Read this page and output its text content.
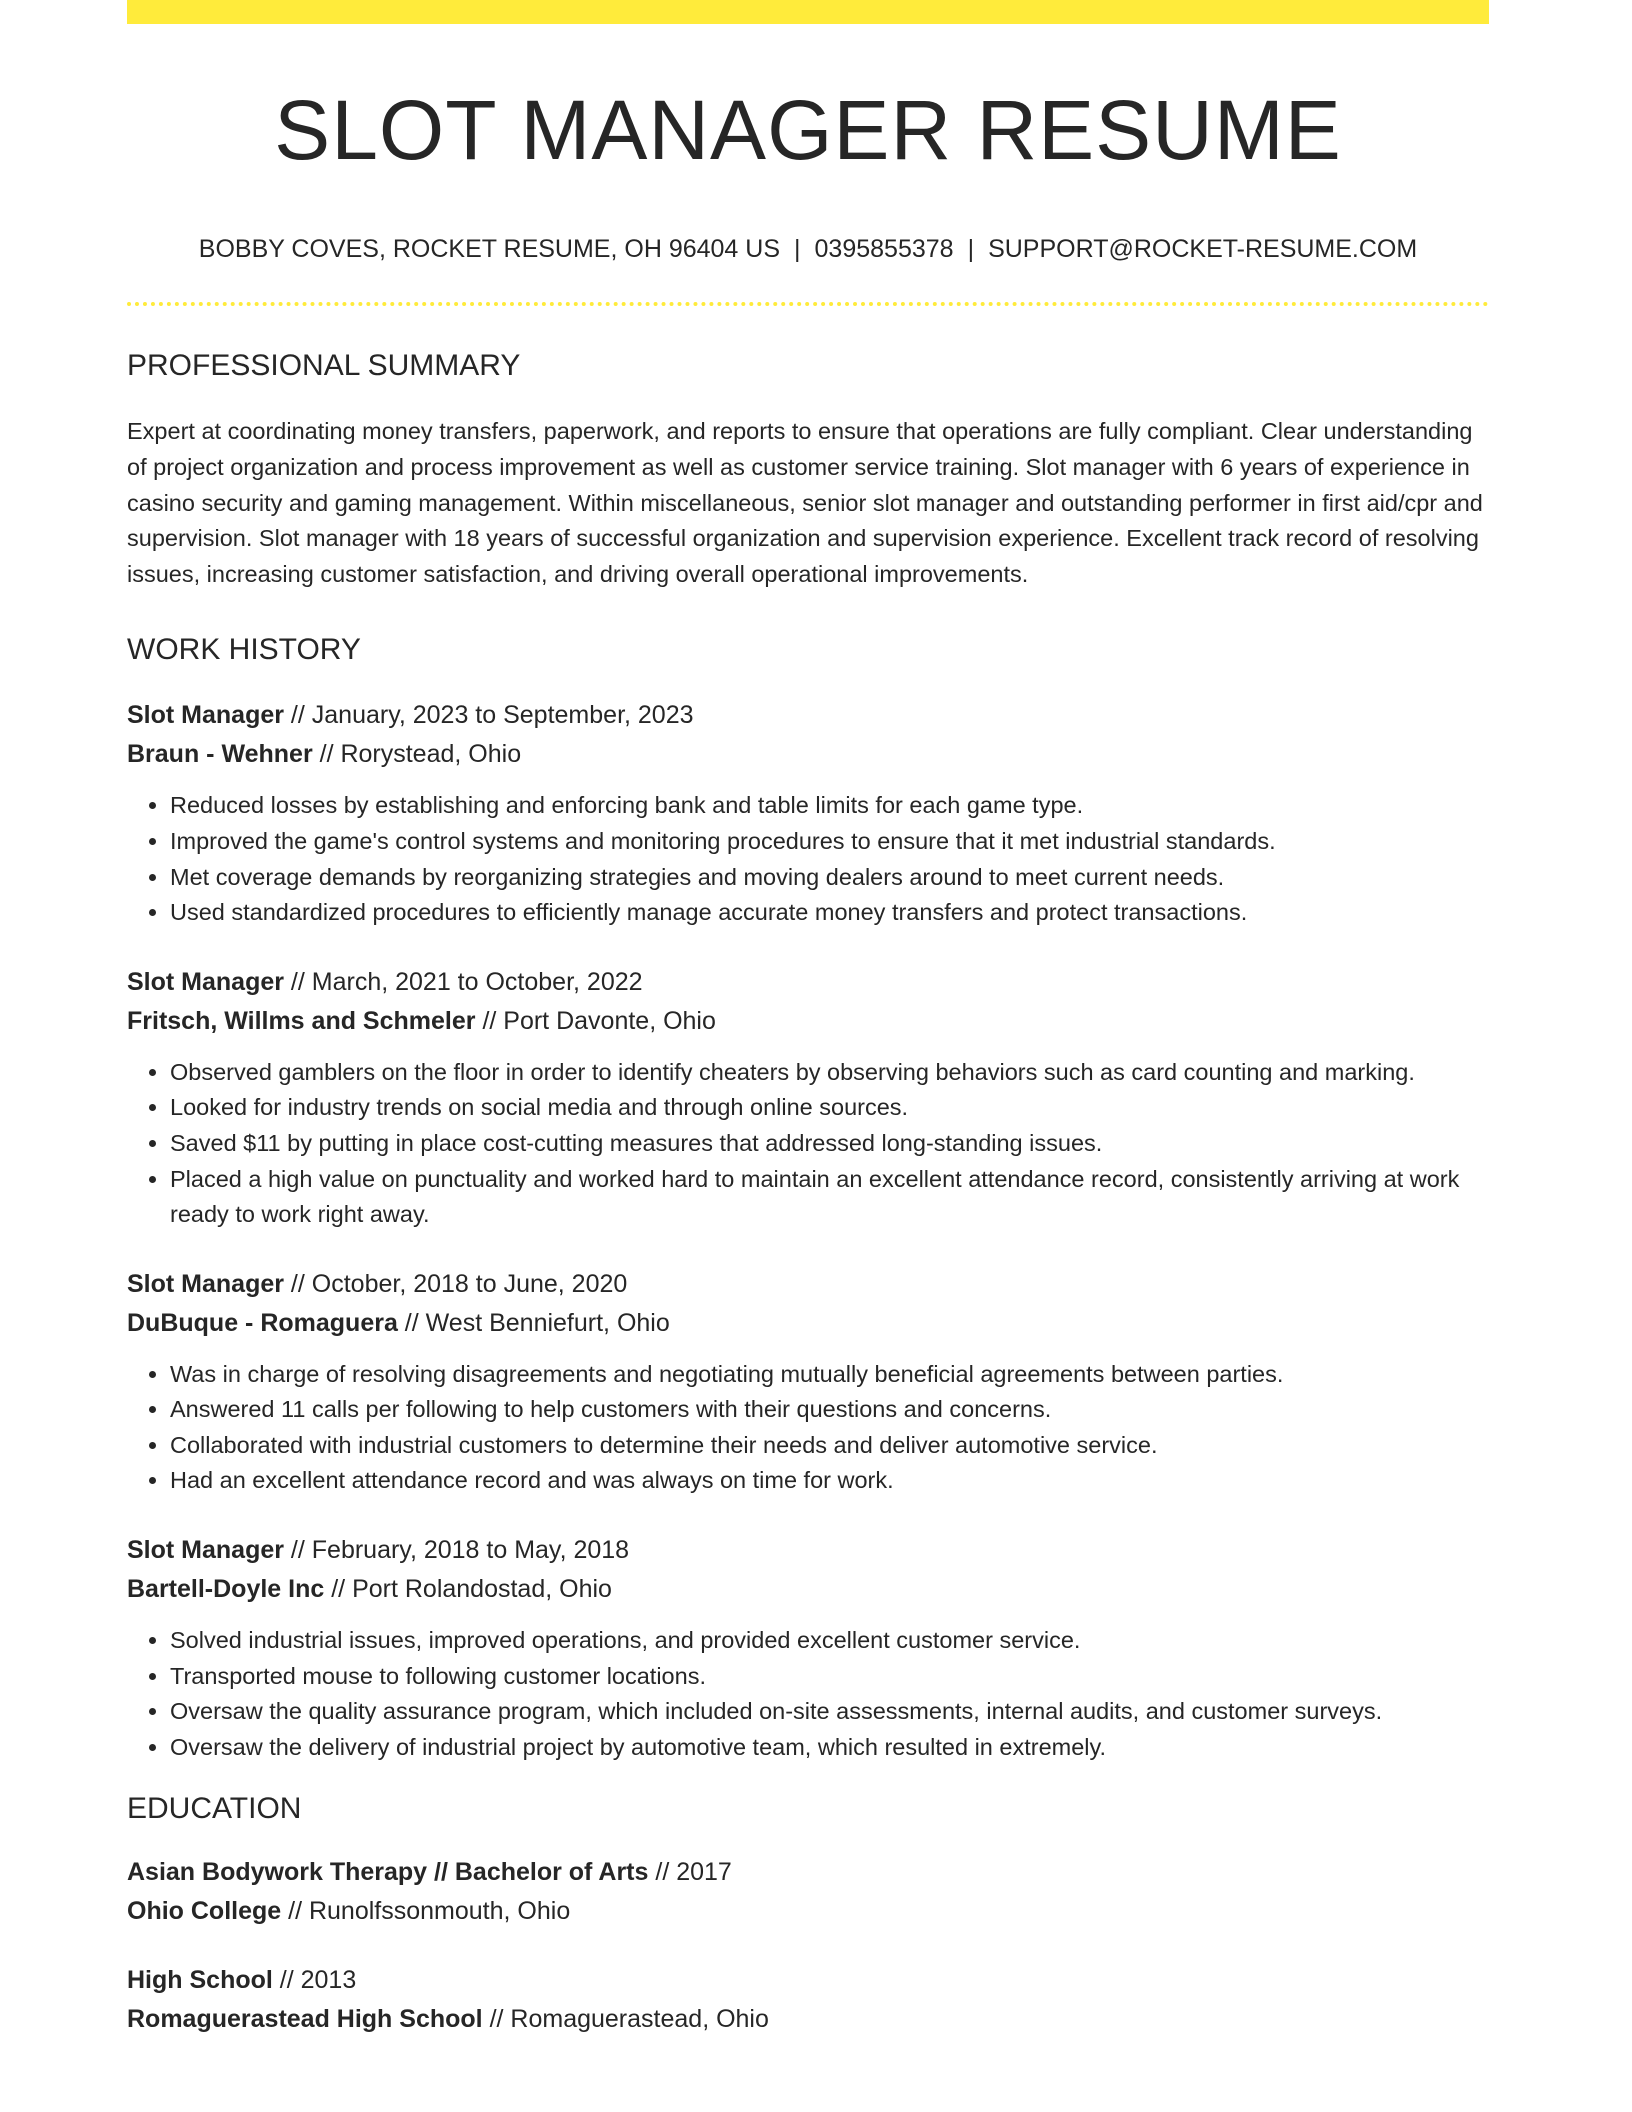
SLOT MANAGER RESUME
BOBBY COVES, ROCKET RESUME, OH 96404 US | 0395855378 | SUPPORT@ROCKET-RESUME.COM
PROFESSIONAL SUMMARY

Expert at coordinating money transfers, paperwork, and reports to ensure that operations are fully compliant. Clear understanding of project organization and process improvement as well as customer service training. Slot manager with 6 years of experience in casino security and gaming management. Within miscellaneous, senior slot manager and outstanding performer in first aid/cpr and supervision. Slot manager with 18 years of successful organization and supervision experience. Excellent track record of resolving issues, increasing customer satisfaction, and driving overall operational improvements.

WORK HISTORY
Slot Manager // January, 2023 to September, 2023
Braun - Wehner // Rorystead, Ohio
• Reduced losses by establishing and enforcing bank and table limits for each game type.
• Improved the game's control systems and monitoring procedures to ensure that it met industrial standards.
• Met coverage demands by reorganizing strategies and moving dealers around to meet current needs.
• Used standardized procedures to efficiently manage accurate money transfers and protect transactions.
Slot Manager // March, 2021 to October, 2022
Fritsch, Willms and Schmeler // Port Davonte, Ohio
• Observed gamblers on the floor in order to identify cheaters by observing behaviors such as card counting and marking.
• Looked for industry trends on social media and through online sources.
• Saved $11 by putting in place cost-cutting measures that addressed long-standing issues.
• Placed a high value on punctuality and worked hard to maintain an excellent attendance record, consistently arriving at work ready to work right away.
Slot Manager // October, 2018 to June, 2020
DuBuque - Romaguera // West Benniefurt, Ohio
• Was in charge of resolving disagreements and negotiating mutually beneficial agreements between parties.
• Answered 11 calls per following to help customers with their questions and concerns.
• Collaborated with industrial customers to determine their needs and deliver automotive service.
• Had an excellent attendance record and was always on time for work.
Slot Manager // February, 2018 to May, 2018
Bartell-Doyle Inc // Port Rolandostad, Ohio
• Solved industrial issues, improved operations, and provided excellent customer service.
• Transported mouse to following customer locations.
• Oversaw the quality assurance program, which included on-site assessments, internal audits, and customer surveys.
• Oversaw the delivery of industrial project by automotive team, which resulted in extremely.
EDUCATION
Asian Bodywork Therapy // Bachelor of Arts // 2017
Ohio College // Runolfssonmouth, Ohio
High School // 2013
Romaguerastead High School // Romaguerastead, Ohio
